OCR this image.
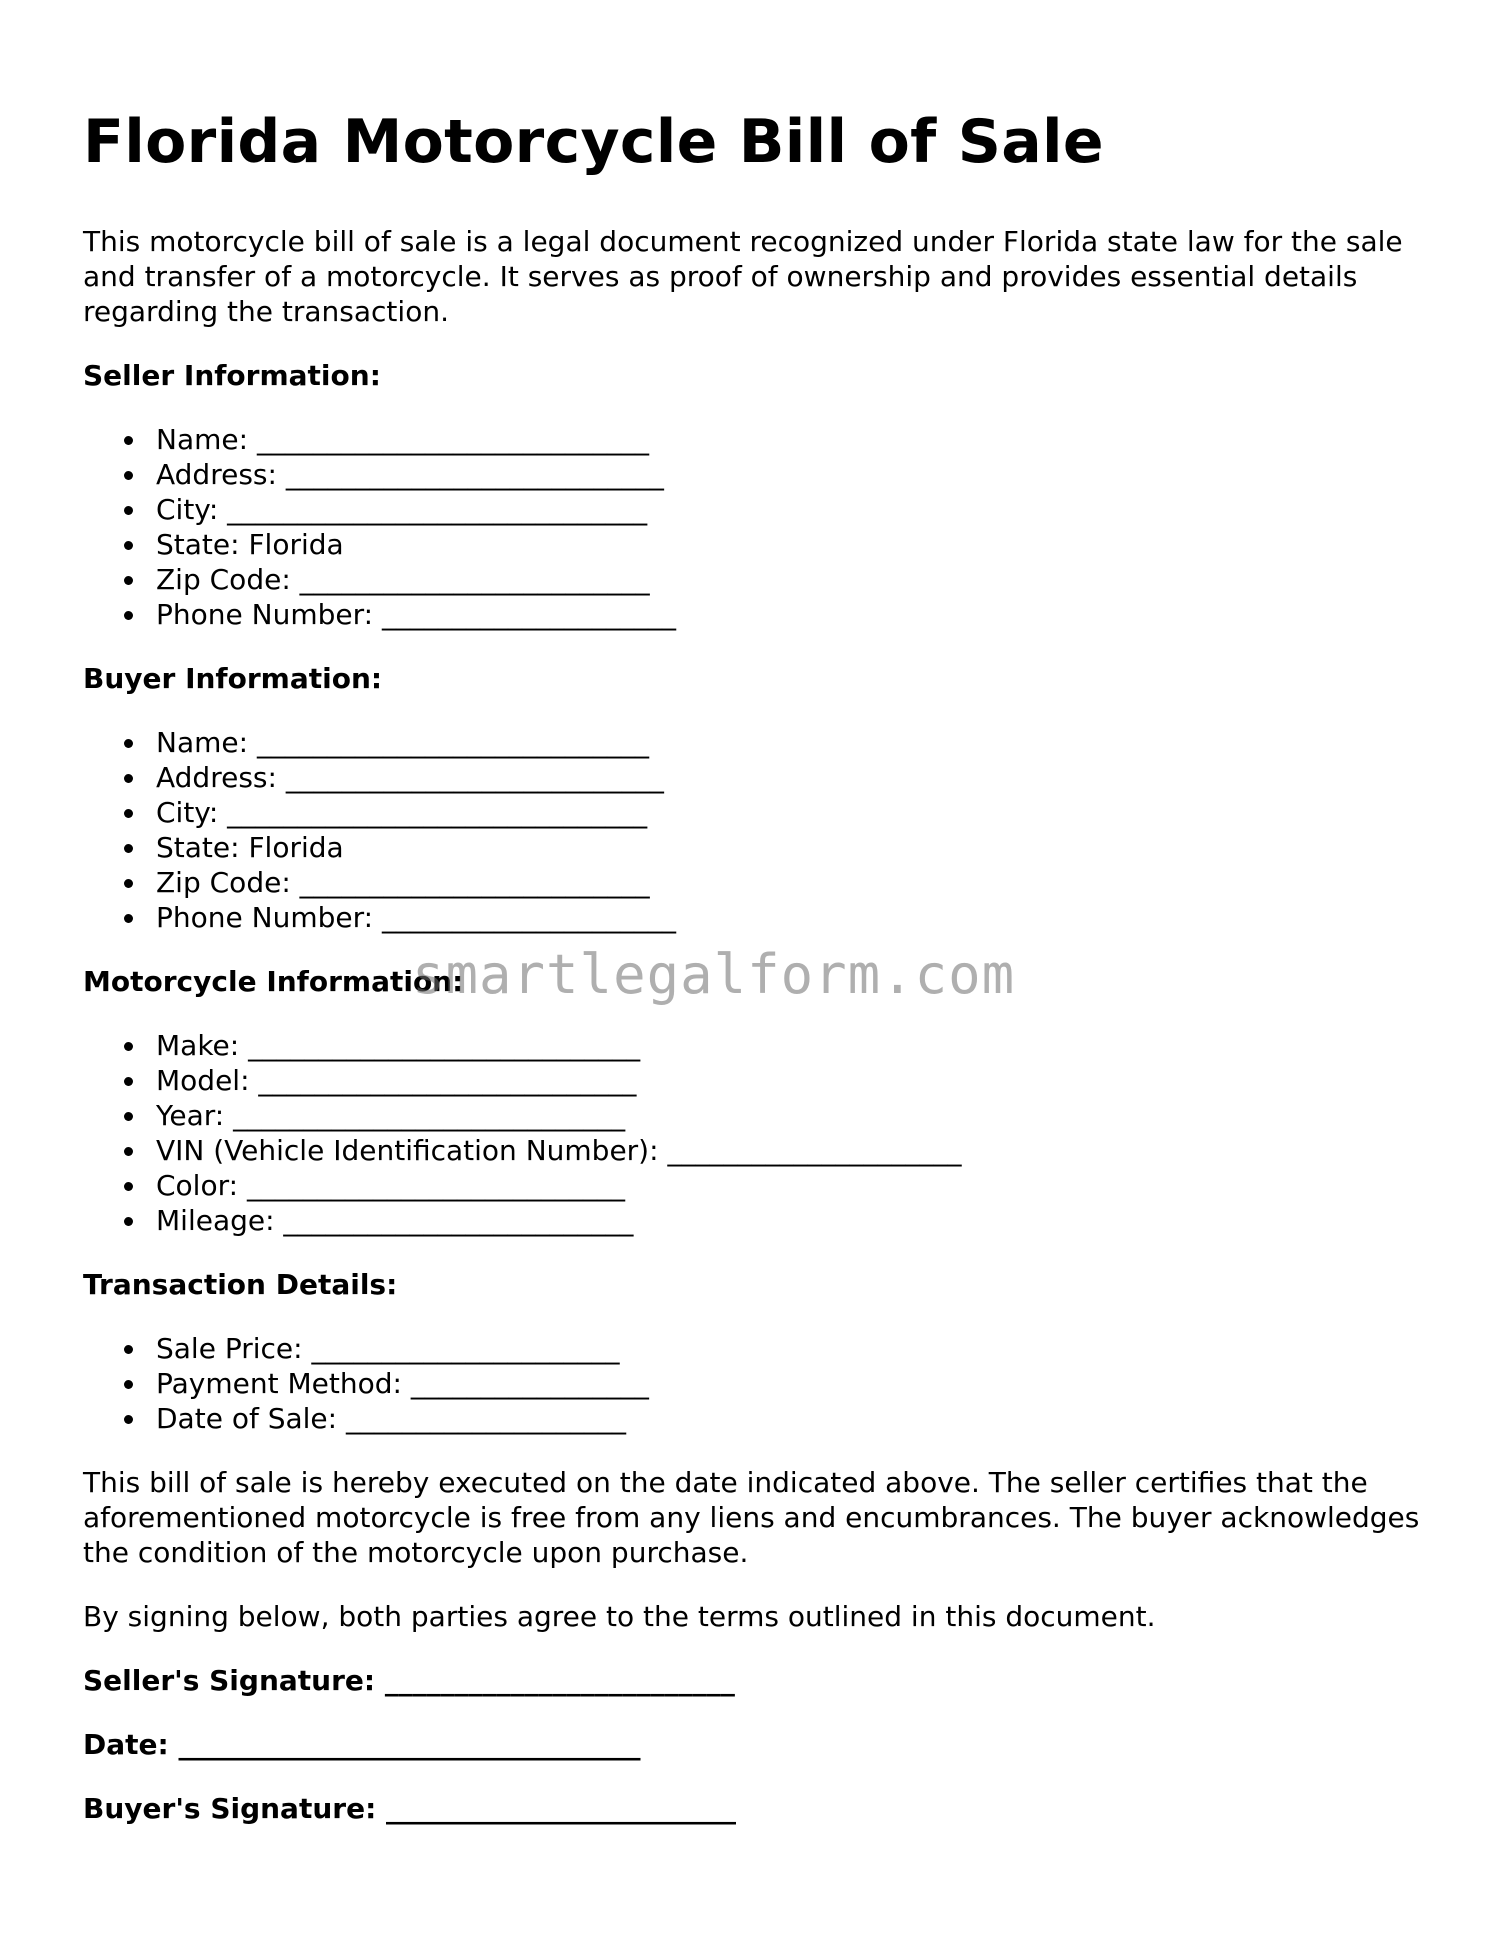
Florida Motorcycle Bill of Sale

This motorcycle bill of sale is a legal document recognized under Florida state law for the sale and transfer of a motorcycle. It serves as proof of ownership and provides essential details regarding the transaction.

Seller Information:
Name: ____________________________
Address: ___________________________
City: ______________________________
State: Florida
Zip Code: _________________________
Phone Number: _____________________
Buyer Information:
Name: ____________________________
Address: ___________________________
City: ______________________________
State: Florida
Zip Code: _________________________
Phone Number: _____________________
Motorcycle Information:
Make: ____________________________
Model: ___________________________
Year: ____________________________
VIN (Vehicle Identification Number): _____________________
Color: ___________________________
Mileage: _________________________
Transaction Details:
Sale Price: ______________________
Payment Method: _________________
Date of Sale: ____________________

This bill of sale is hereby executed on the date indicated above. The seller certifies that the aforementioned motorcycle is free from any liens and encumbrances. The buyer acknowledges the condition of the motorcycle upon purchase.

By signing below, both parties agree to the terms outlined in this document.

Seller's Signature: _________________________
Date: _________________________________
Buyer's Signature: _________________________
smartlegalform.com
